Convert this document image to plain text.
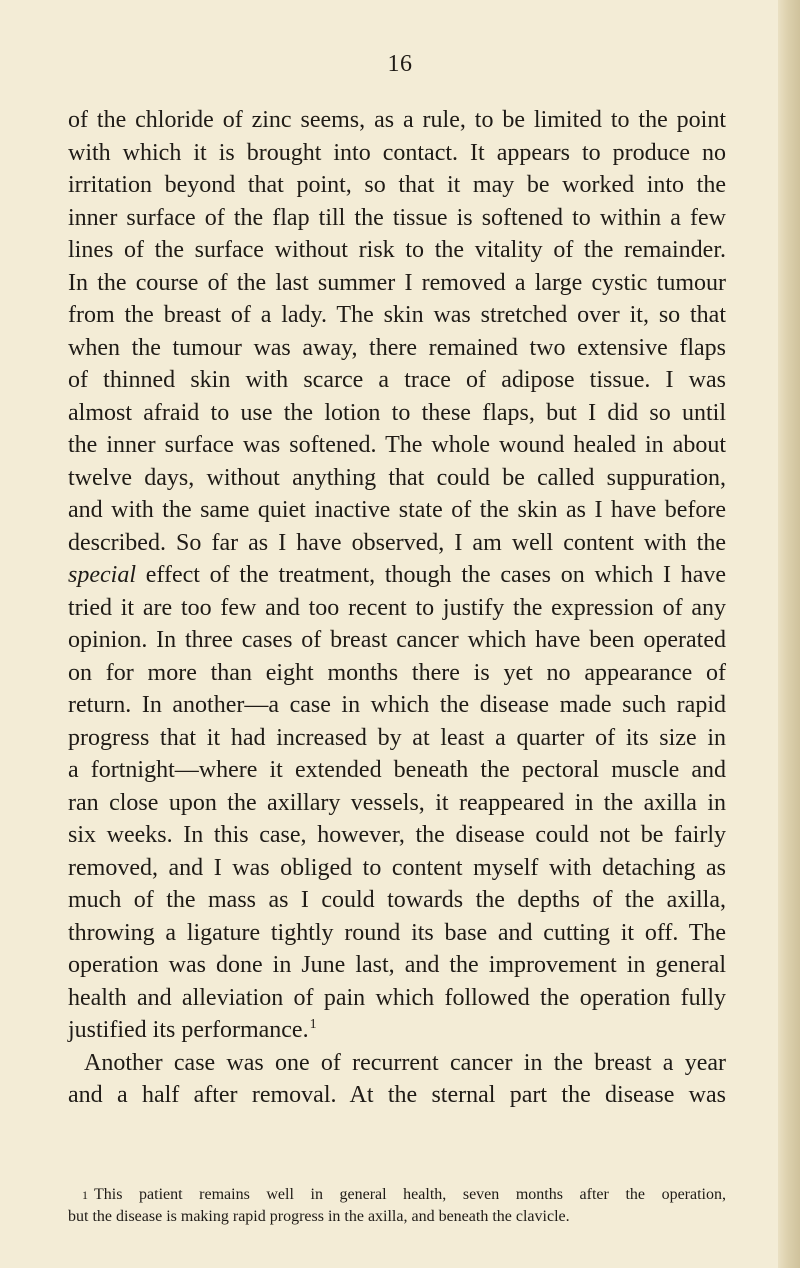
16
of the chloride of zinc seems, as a rule, to be limited to the point
with which it is brought into contact. It appears to produce no
irritation beyond that point, so that it may be worked into the
inner surface of the flap till the tissue is softened to within a few
lines of the surface without risk to the vitality of the remainder.
In the course of the last summer I removed a large cystic tumour
from the breast of a lady. The skin was stretched over it, so that
when the tumour was away, there remained two extensive flaps
of thinned skin with scarce a trace of adipose tissue. I was
almost afraid to use the lotion to these flaps, but I did so until
the inner surface was softened. The whole wound healed in about
twelve days, without anything that could be called suppuration,
and with the same quiet inactive state of the skin as I have before
described. So far as I have observed, I am well content with the
special effect of the treatment, though the cases on which I have
tried it are too few and too recent to justify the expression of any
opinion. In three cases of breast cancer which have been operated
on for more than eight months there is yet no appearance of
return. In another—a case in which the disease made such rapid
progress that it had increased by at least a quarter of its size in
a fortnight—where it extended beneath the pectoral muscle and
ran close upon the axillary vessels, it reappeared in the axilla in
six weeks. In this case, however, the disease could not be fairly
removed, and I was obliged to content myself with detaching as
much of the mass as I could towards the depths of the axilla,
throwing a ligature tightly round its base and cutting it off. The
operation was done in June last, and the improvement in general
health and alleviation of pain which followed the operation fully
justified its performance.$^1$
Another case was one of recurrent cancer in the breast a year
and a half after removal. At the sternal part the disease was
1 This patient remains well in general health, seven months after the operation,
but the disease is making rapid progress in the axilla, and beneath the clavicle.
